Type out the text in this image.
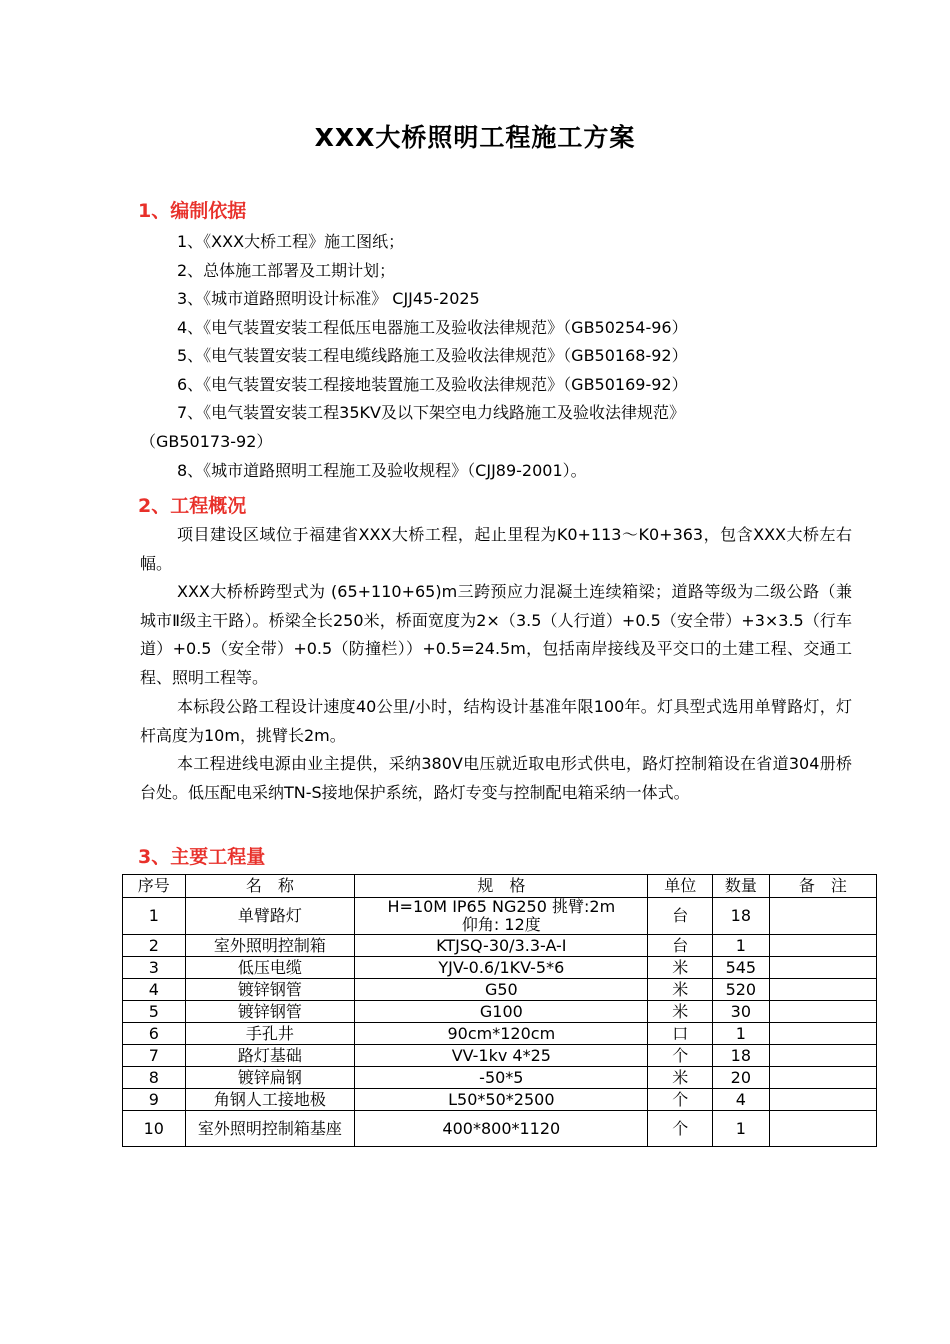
XXX大桥照明工程施工方案
1、编制依据
1、《XXX大桥工程》施工图纸；
2、总体施工部署及工期计划；
3、《城市道路照明设计标准》 CJJ45-2025
4、《电气装置安装工程低压电器施工及验收法律规范》（GB50254-96）
5、《电气装置安装工程电缆线路施工及验收法律规范》（GB50168-92）
6、《电气装置安装工程接地装置施工及验收法律规范》（GB50169-92）
7、《电气装置安装工程35KV及以下架空电力线路施工及验收法律规范》
（GB50173-92）
8、《城市道路照明工程施工及验收规程》（CJJ89-2001）。
2、工程概况
项目建设区域位于福建省XXX大桥工程，起止里程为K0+113～K0+363，包含XXX大桥左右幅。
XXX大桥桥跨型式为 (65+110+65)m三跨预应力混凝土连续箱梁；道路等级为二级公路（兼城市Ⅱ级主干路）。桥梁全长250米，桥面宽度为2×（3.5（人行道）+0.5（安全带）+3×3.5（行车道）+0.5（安全带）+0.5（防撞栏））+0.5=24.5m，包括南岸接线及平交口的土建工程、交通工程、照明工程等。
本标段公路工程设计速度40公里/小时，结构设计基准年限100年。灯具型式选用单臂路灯，灯杆高度为10m，挑臂长2m。
本工程进线电源由业主提供，采纳380V电压就近取电形式供电，路灯控制箱设在省道304册桥台处。低压配电采纳TN-S接地保护系统，路灯专变与控制配电箱采纳一体式。
3、主要工程量
序号	名　称	规　格	单位	数量	备　注
1	单臂路灯	H=10M IP65 NG250 挑臂:2m
仰角: 12度	台	18	
2	室外照明控制箱	KTJSQ-30/3.3-A-I	台	1	
3	低压电缆	YJV-0.6/1KV-5*6	米	545	
4	镀锌钢管	G50	米	520	
5	镀锌钢管	G100	米	30	
6	手孔井	90cm*120cm	口	1	
7	路灯基础	VV-1kv 4*25	个	18	
8	镀锌扁钢	-50*5	米	20	
9	角钢人工接地极	L50*50*2500	个	4	
10	室外照明控制箱基座	400*800*1120	个	1	
